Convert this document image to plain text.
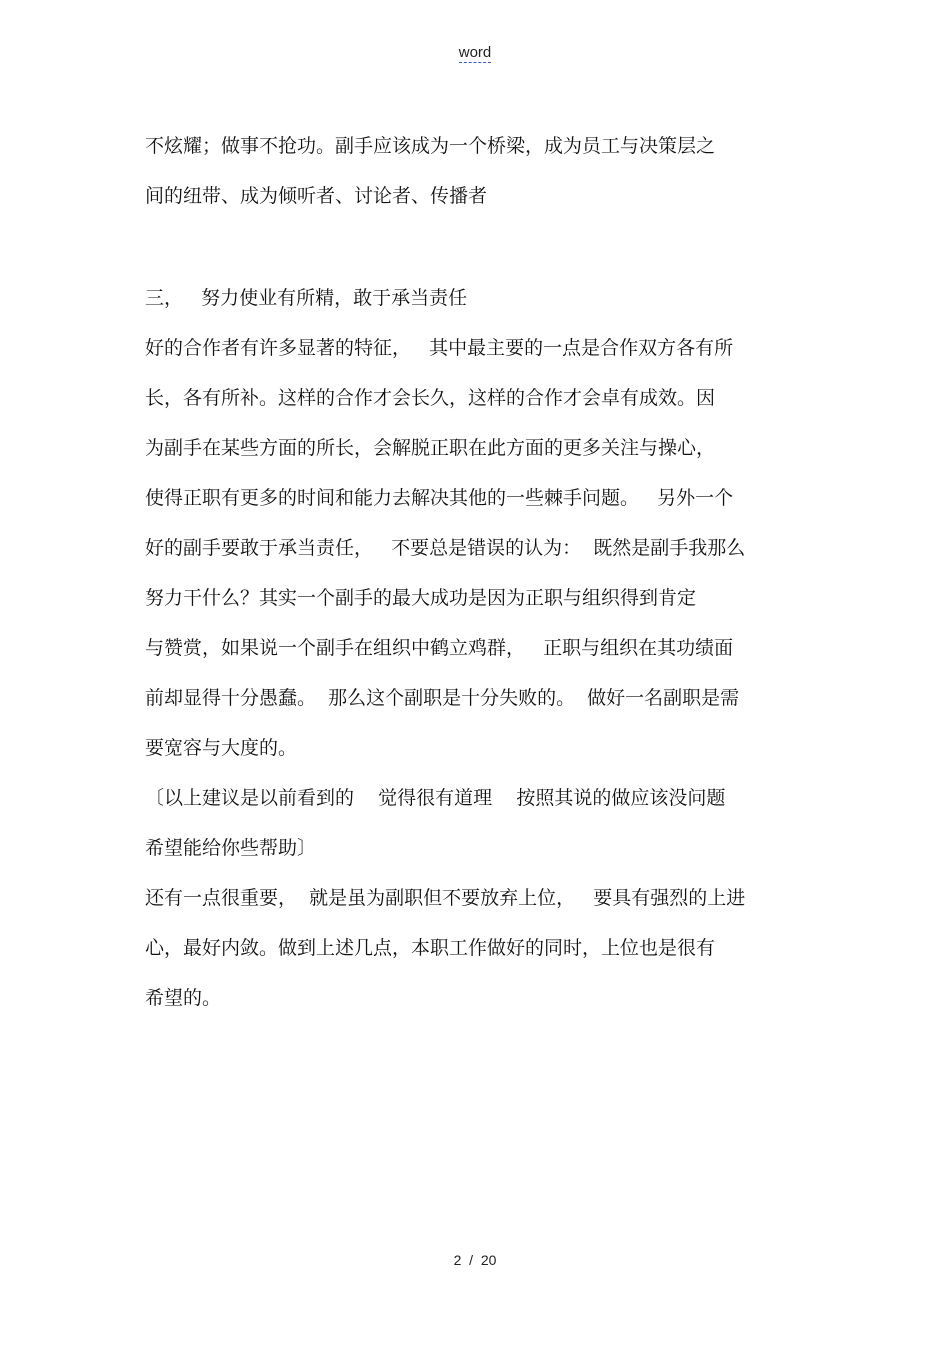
word
不炫耀；做事不抢功。副手应该成为一个桥梁，成为员工与决策层之
间的纽带、成为倾听者、讨论者、传播者
三，   努力使业有所精，敢于承当责任
好的合作者有许多显著的特征，   其中最主要的一点是合作双方各有所
长，各有所补。这样的合作才会长久，这样的合作才会卓有成效。因
为副手在某些方面的所长，会解脱正职在此方面的更多关注与操心，
使得正职有更多的时间和能力去解决其他的一些棘手问题。   另外一个
好的副手要敢于承当责任，   不要总是错误的认为：  既然是副手我那么
努力干什么？其实一个副手的最大成功是因为正职与组织得到肯定
与赞赏，如果说一个副手在组织中鹤立鸡群，   正职与组织在其功绩面
前却显得十分愚蠢。  那么这个副职是十分失败的。  做好一名副职是需
要宽容与大度的。
〔以上建议是以前看到的    觉得很有道理    按照其说的做应该没问题
希望能给你些帮助〕
还有一点很重要，  就是虽为副职但不要放弃上位，   要具有强烈的上进
心，最好内敛。做到上述几点，本职工作做好的同时，上位也是很有
希望的。
2  /  20
